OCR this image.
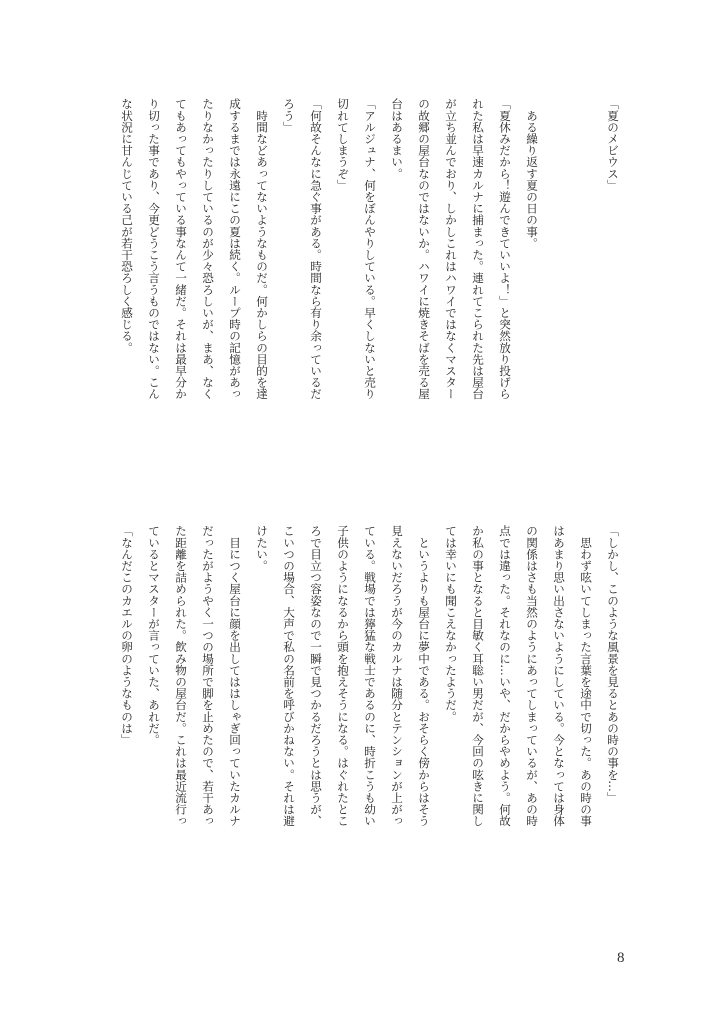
「夏のメビウス」

　ある繰り返す夏の日の事。

「夏休みだから！遊んできていいよ！」と突然放り投げら

れた私は早速カルナに捕まった。連れてこられた先は屋台

が立ち並んでおり、しかしこれはハワイではなくマスター

の故郷の屋台なのではないか。ハワイに焼きそばを売る屋

台はあるまい。

「アルジュナ、何をぼんやりしている。早くしないと売り

切れてしまうぞ」

「何故そんなに急ぐ事がある。時間なら有り余っているだ

ろう」

　時間などあってないようなものだ。何かしらの目的を達

成するまでは永遠にこの夏は続く。ループ時の記憶があっ

たりなかったりしているのが少々恐ろしいが、まあ、なく

てもあってもやっている事なんて一緒だ。それは最早分か

り切った事であり、今更どうこう言うものではない。こん

な状況に甘んじている己が若干恐ろしく感じる。

「しかし、このような風景を見るとあの時の事を…」

　思わず呟いてしまった言葉を途中で切った。あの時の事

はあまり思い出さないようにしている。今となっては身体

の関係はさも当然のようにあってしまっているが、あの時

点では違った。それなのに…いや、だからやめよう。何故

か私の事となると目敏く耳聡い男だが、今回の呟きに関し

ては幸いにも聞こえなかったようだ。

　というよりも屋台に夢中である。おそらく傍からはそう

見えないだろうが今のカルナは随分とテンションが上がっ

ている。戦場では獰猛な戦士であるのに、時折こうも幼い

子供のようになるから頭を抱えそうになる。はぐれたとこ

ろで目立つ容姿なので一瞬で見つかるだろうとは思うが、

こいつの場合、大声で私の名前を呼びかねない。それは避

けたい。

　目につく屋台に顔を出してははしゃぎ回っていたカルナ

だったがようやく一つの場所で脚を止めたので、若干あっ

た距離を詰められた。飲み物の屋台だ。これは最近流行っ

ているとマスターが言っていた、あれだ。

「なんだこのカエルの卵のようなものは」

8
